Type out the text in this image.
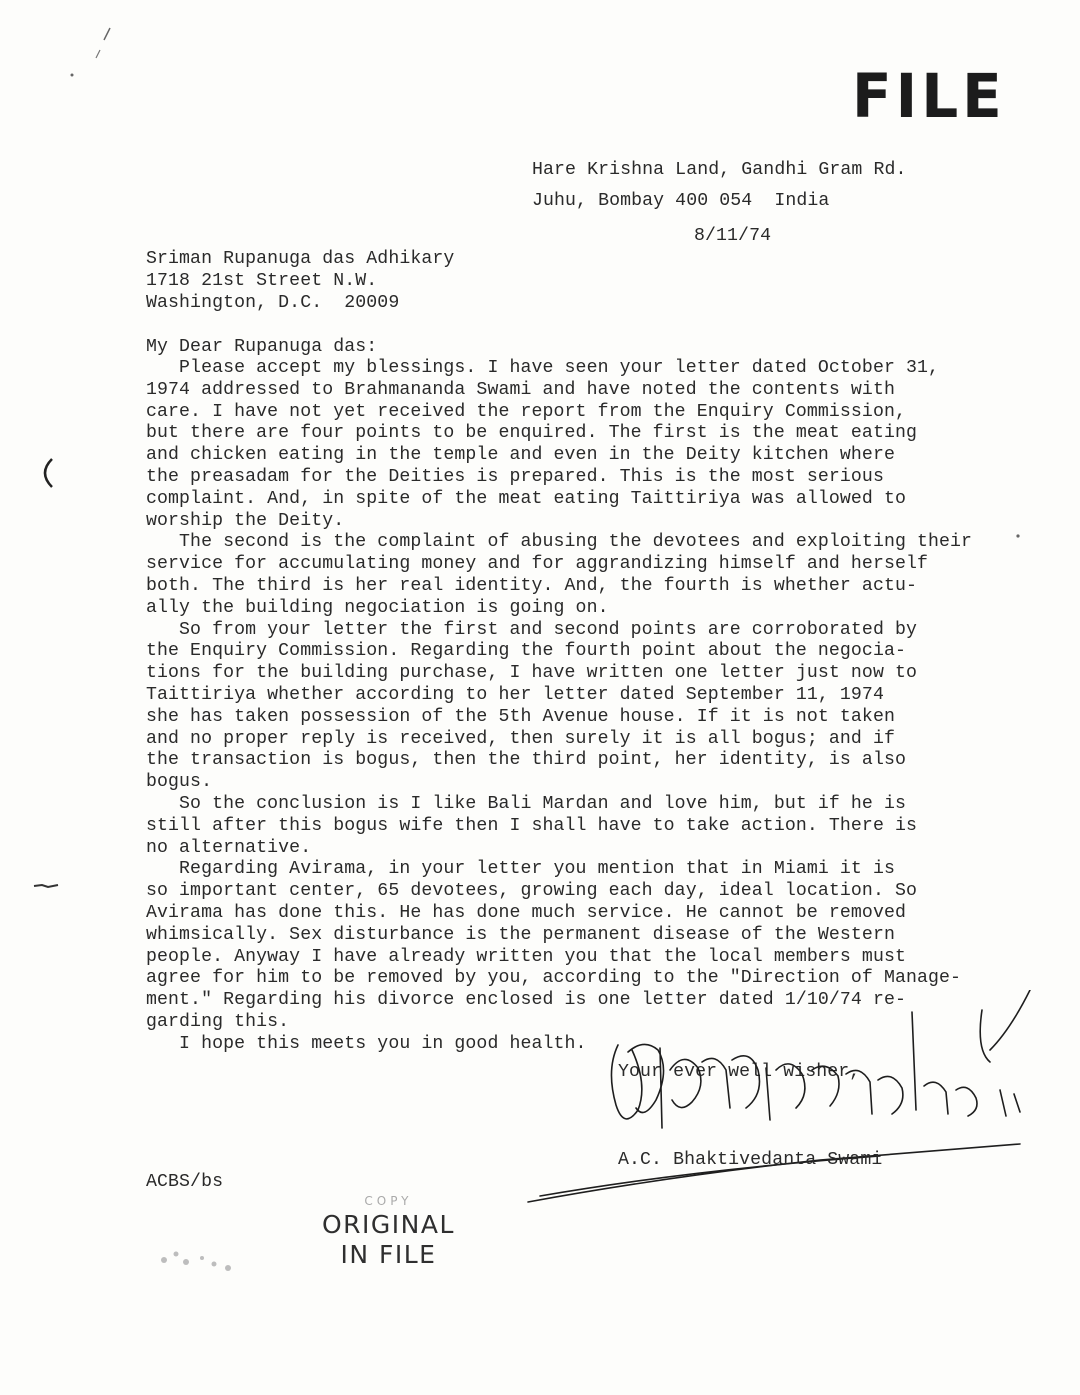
FILE
Hare Krishna Land, Gandhi Gram Rd.
Juhu, Bombay 400 054  India
8/11/74
Sriman Rupanuga das Adhikary
1718 21st Street N.W.
Washington, D.C.  20009
My Dear Rupanuga das:
Please accept my blessings. I have seen your letter dated October 31,
1974 addressed to Brahmananda Swami and have noted the contents with
care. I have not yet received the report from the Enquiry Commission,
but there are four points to be enquired. The first is the meat eating
and chicken eating in the temple and even in the Deity kitchen where
the preasadam for the Deities is prepared. This is the most serious
complaint. And, in spite of the meat eating Taittiriya was allowed to
worship the Deity.
The second is the complaint of abusing the devotees and exploiting their
service for accumulating money and for aggrandizing himself and herself
both. The third is her real identity. And, the fourth is whether actu-
ally the building negociation is going on.
So from your letter the first and second points are corroborated by
the Enquiry Commission. Regarding the fourth point about the negocia-
tions for the building purchase, I have written one letter just now to
Taittiriya whether according to her letter dated September 11, 1974
she has taken possession of the 5th Avenue house. If it is not taken
and no proper reply is received, then surely it is all bogus; and if
the transaction is bogus, then the third point, her identity, is also
bogus.
So the conclusion is I like Bali Mardan and love him, but if he is
still after this bogus wife then I shall have to take action. There is
no alternative.
Regarding Avirama, in your letter you mention that in Miami it is
so important center, 65 devotees, growing each day, ideal location. So
Avirama has done this. He has done much service. He cannot be removed
whimsically. Sex disturbance is the permanent disease of the Western
people. Anyway I have already written you that the local members must
agree for him to be removed by you, according to the "Direction of Manage-
ment." Regarding his divorce enclosed is one letter dated 1/10/74 re-
garding this.
I hope this meets you in good health.
Your ever well wisher,
A.C. Bhaktivedanta Swami
ACBS/bs
COPY
ORIGINAL
IN FILE
